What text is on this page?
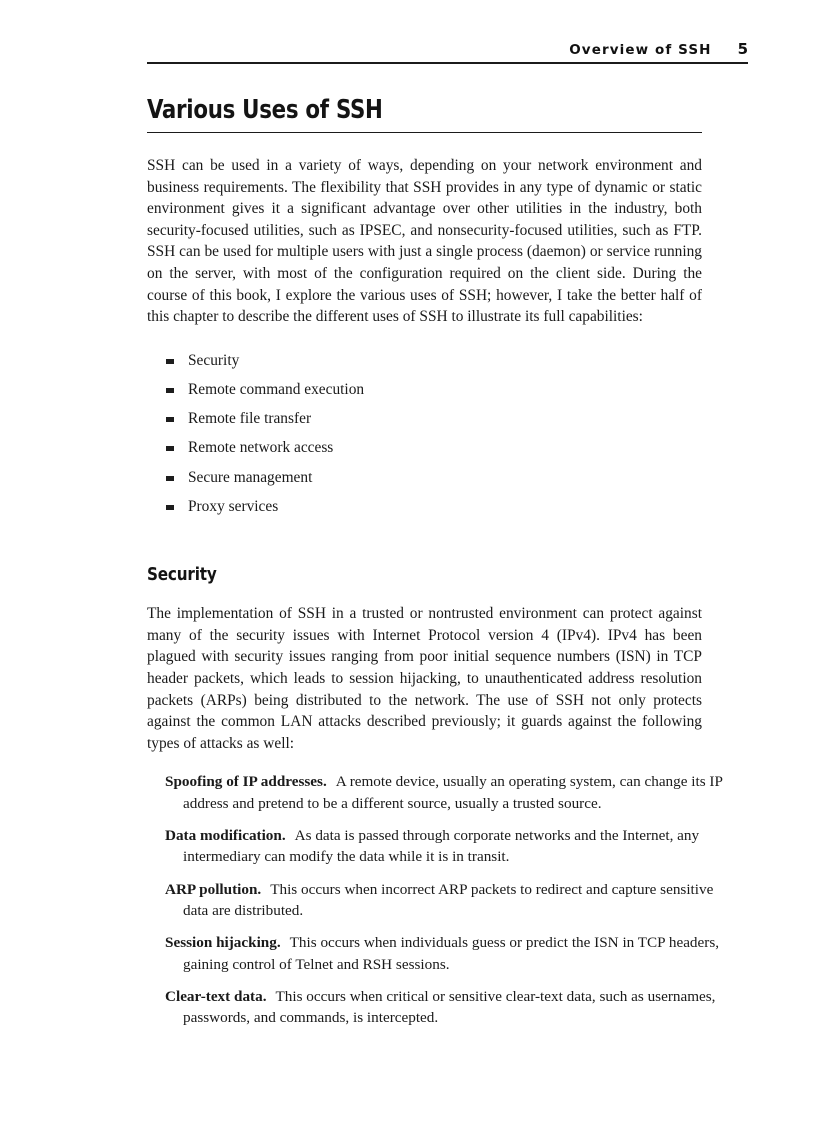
Overview of SSH 5
Various Uses of SSH

SSH can be used in a variety of ways, depending on your network environment and business requirements. The flexibility that SSH provides in any type of dynamic or static environment gives it a significant advantage over other utilities in the industry, both security-focused utilities, such as IPSEC, and nonsecurity-focused utilities, such as FTP. SSH can be used for multiple users with just a single process (daemon) or service running on the server, with most of the configuration required on the client side. During the course of this book, I explore the various uses of SSH; however, I take the better half of this chapter to describe the different uses of SSH to illustrate its full capabilities:

Security
Remote command execution
Remote file transfer
Remote network access
Secure management
Proxy services
Security

The implementation of SSH in a trusted or nontrusted environment can protect against many of the security issues with Internet Protocol version 4 (IPv4). IPv4 has been plagued with security issues ranging from poor initial sequence numbers (ISN) in TCP header packets, which leads to session hijacking, to unauthenticated address resolution packets (ARPs) being distributed to the network. The use of SSH not only protects against the common LAN attacks described previously; it guards against the following types of attacks as well:

Spoofing of IP addresses. A remote device, usually an operating system, can change its IP address and pretend to be a different source, usually a trusted source.
Data modification. As data is passed through corporate networks and the Internet, any intermediary can modify the data while it is in transit.
ARP pollution. This occurs when incorrect ARP packets to redirect and capture sensitive data are distributed.
Session hijacking. This occurs when individuals guess or predict the ISN in TCP headers, gaining control of Telnet and RSH sessions.
Clear-text data. This occurs when critical or sensitive clear-text data, such as usernames, passwords, and commands, is intercepted.
